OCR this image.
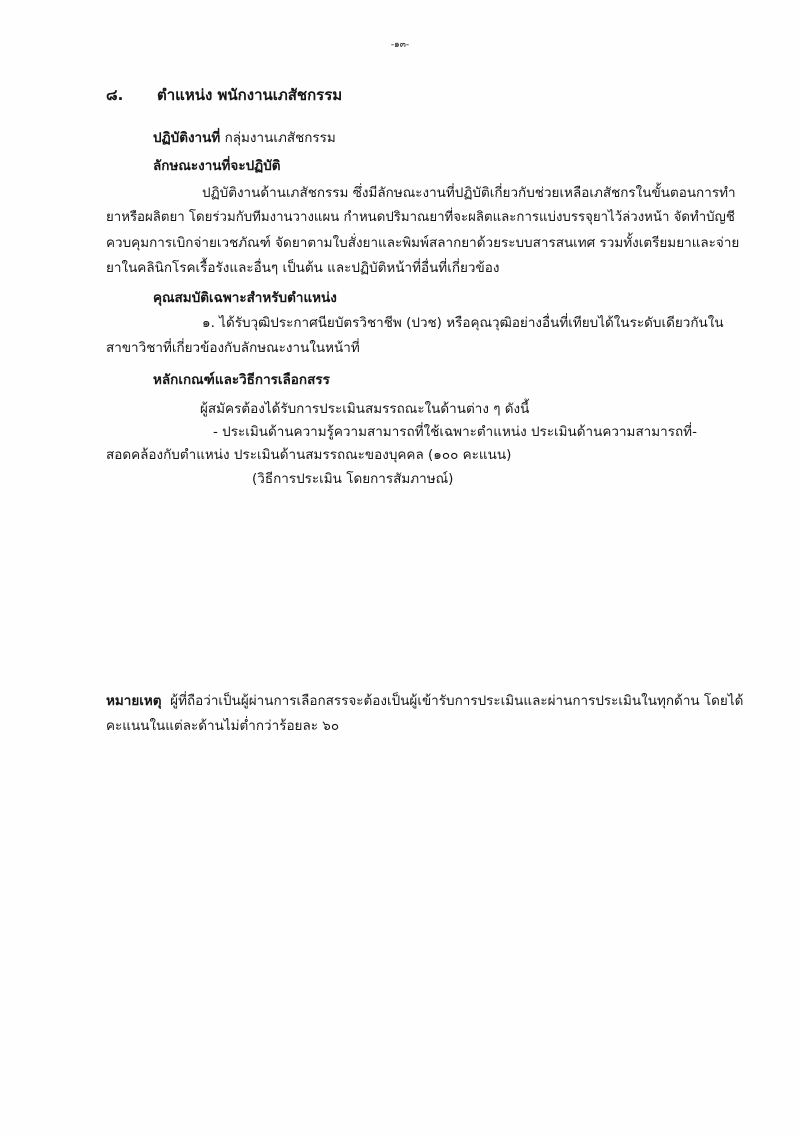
-๑๓-
๘. ตำแหน่ง พนักงานเภสัชกรรม
ปฏิบัติงานที่ กลุ่มงานเภสัชกรรม
ลักษณะงานที่จะปฏิบัติ
ปฏิบัติงานด้านเภสัชกรรม ซึ่งมีลักษณะงานที่ปฏิบัติเกี่ยวกับช่วยเหลือเภสัชกรในขั้นตอนการทำ
ยาหรือผลิตยา โดยร่วมกับทีมงานวางแผน กำหนดปริมาณยาที่จะผลิตและการแบ่งบรรจุยาไว้ล่วงหน้า จัดทำบัญชี
ควบคุมการเบิกจ่ายเวชภัณฑ์ จัดยาตามใบสั่งยาและพิมพ์สลากยาด้วยระบบสารสนเทศ รวมทั้งเตรียมยาและจ่าย
ยาในคลินิกโรคเรื้อรังและอื่นๆ เป็นต้น และปฏิบัติหน้าที่อื่นที่เกี่ยวข้อง
คุณสมบัติเฉพาะสำหรับตำแหน่ง
๑. ได้รับวุฒิประกาศนียบัตรวิชาชีพ (ปวช) หรือคุณวุฒิอย่างอื่นที่เทียบได้ในระดับเดียวกันใน
สาขาวิชาที่เกี่ยวข้องกับลักษณะงานในหน้าที่
หลักเกณฑ์และวิธีการเลือกสรร
ผู้สมัครต้องได้รับการประเมินสมรรถณะในด้านต่าง ๆ ดังนี้
- ประเมินด้านความรู้ความสามารถที่ใช้เฉพาะตำแหน่ง ประเมินด้านความสามารถที่-
สอดคล้องกับตำแหน่ง ประเมินด้านสมรรถณะของบุคคล (๑๐๐ คะแนน)
(วิธีการประเมิน โดยการสัมภาษณ์)
หมายเหตุ ผู้ที่ถือว่าเป็นผู้ผ่านการเลือกสรรจะต้องเป็นผู้เข้ารับการประเมินและผ่านการประเมินในทุกด้าน โดยได้
คะแนนในแต่ละด้านไม่ต่ำกว่าร้อยละ ๖๐
